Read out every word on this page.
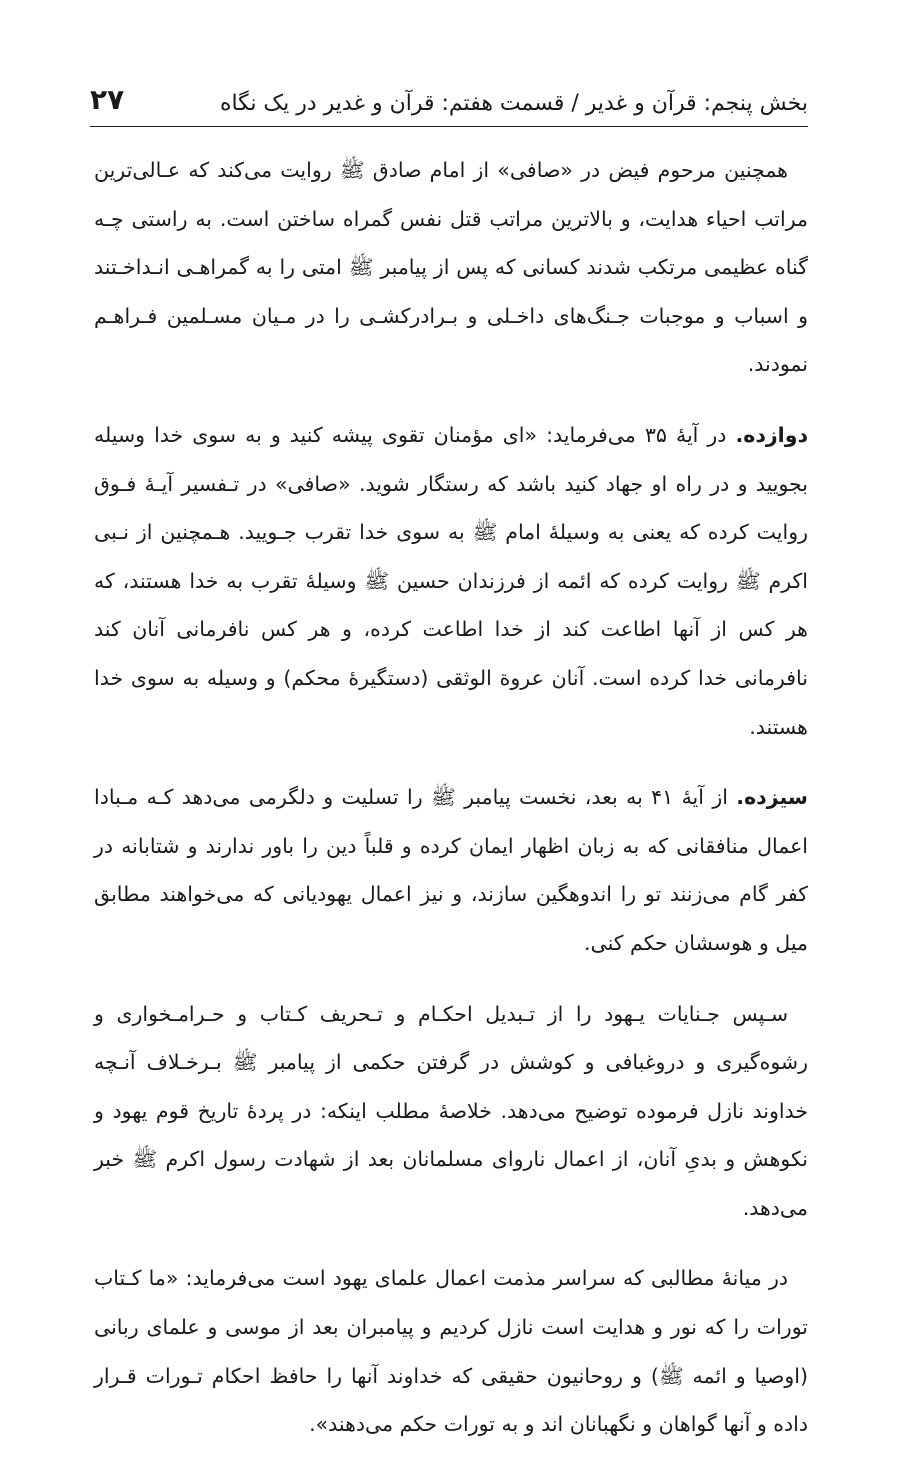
بخش پنجم: قرآن و غدیر / قسمت هفتم: قرآن و غدیر در یک نگاه
۲۷

همچنین مرحوم فیض در «صافی» از امام صادق ﷺ روایت می‌کند که عـالی‌ترین مراتب احیاء هدایت، و بالاترین مراتب قتل نفس گمراه ساختن است. به راستی چـه گناه عظیمی مرتکب شدند کسانی که پس از پیامبر ﷺ امتی را به گمراهـی انـداخـتند و اسباب و موجبات جـنگ‌های داخـلی و بـرادرکشـی را در مـیان مسـلمین فـراهـم نمودند.

دوازده. در آیهٔ ۳۵ می‌فرماید: «ای مؤمنان تقوی پیشه کنید و به سوی خدا وسیله بجویید و در راه او جهاد کنید باشد که رستگار شوید. «صافی» در تـفسیر آیـهٔ فـوق روایت کرده که یعنی به وسیلهٔ امام ﷺ به سوی خدا تقرب جـویید. هـمچنین از نـبی اکرم ﷺ روایت کرده که ائمه از فرزندان حسین ﷺ وسیلهٔ تقرب به خدا هستند، که هر کس از آنها اطاعت کند از خدا اطاعت کرده، و هر کس نافرمانی آنان کند نافرمانی خدا کرده است. آنان عروة الوثقی (دستگیرهٔ محکم) و وسیله به سوی خدا هستند.

سیزده. از آیهٔ ۴۱ به بعد، نخست پیامبر ﷺ را تسلیت و دلگرمی می‌دهد کـه مـبادا اعمال منافقانی که به زبان اظهار ایمان کرده و قلباً دین را باور ندارند و شتابانه در کفر گام می‌زنند تو را اندوهگین سازند، و نیز اعمال یهودیانی که می‌خواهند مطابق میل و هوسشان حکم کنی.

سـپس جـنایات یـهود را از تـبدیل احکـام و تـحریف کـتاب و حـرامـخواری و رشوه‌گیری و دروغبافی و کوشش در گرفتن حکمی از پیامبر ﷺ بـرخـلاف آنـچه خداوند نازل فرموده توضیح می‌دهد. خلاصهٔ مطلب اینکه: در پردهٔ تاریخ قوم یهود و نکوهش و بدیِ آنان، از اعمال ناروای مسلمانان بعد از شهادت رسول اکرم ﷺ خبر می‌دهد.

در میانهٔ مطالبی که سراسر مذمت اعمال علمای یهود است می‌فرماید: «ما کـتاب تورات را که نور و هدایت است نازل کردیم و پیامبران بعد از موسی و علمای ربانی (اوصیا و ائمه ﷺ) و روحانیون حقیقی که خداوند آنها را حافظ احکام تـورات قـرار داده و آنها گواهان و نگهبانان اند و به تورات حکم می‌دهند».
